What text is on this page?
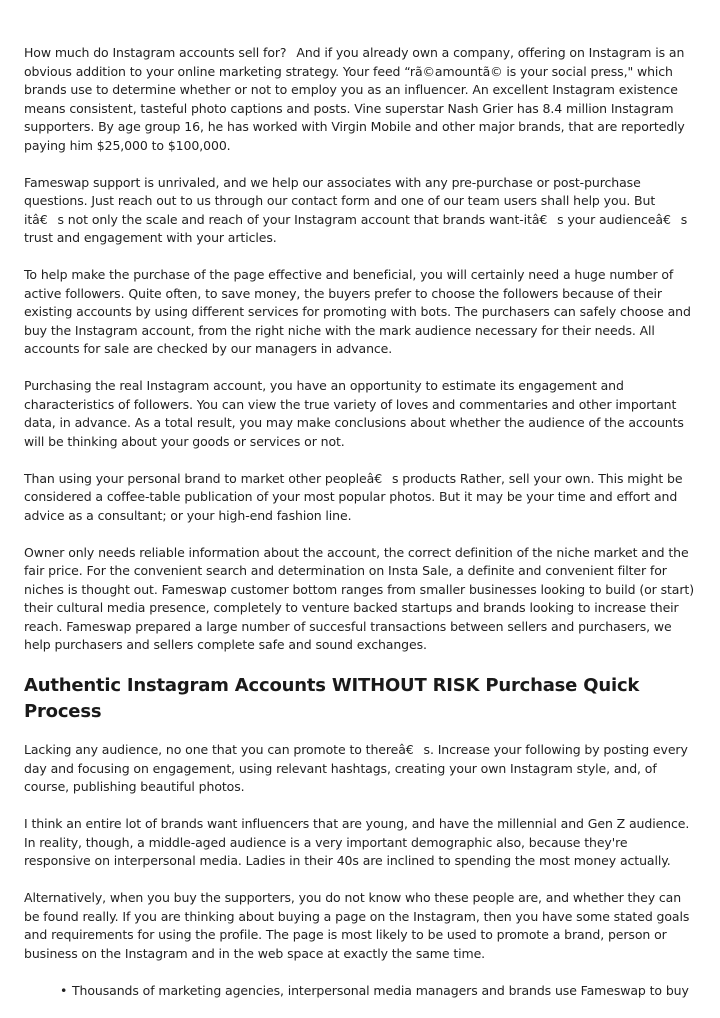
How much do Instagram accounts sell for?And if you already own a company, offering on Instagram is an obvious addition to your online marketing strategy. Your feed “rã©amountã© is your social press," which brands use to determine whether or not to employ you as an influencer. An excellent Instagram existence means consistent, tasteful photo captions and posts. Vine superstar Nash Grier has 8.4 million Instagram supporters. By age group 16, he has worked with Virgin Mobile and other major brands, that are reportedly paying him $25,000 to $100,000.

Fameswap support is unrivaled, and we help our associates with any pre-purchase or post-purchase questions. Just reach out to us through our contact form and one of our team users shall help you. But itâ€s not only the scale and reach of your Instagram account that brands want-itâ€s your audienceâ€s trust and engagement with your articles.

To help make the purchase of the page effective and beneficial, you will certainly need a huge number of active followers. Quite often, to save money, the buyers prefer to choose the followers because of their existing accounts by using different services for promoting with bots. The purchasers can safely choose and buy the Instagram account, from the right niche with the mark audience necessary for their needs. All accounts for sale are checked by our managers in advance.

Purchasing the real Instagram account, you have an opportunity to estimate its engagement and characteristics of followers. You can view the true variety of loves and commentaries and other important data, in advance. As a total result, you may make conclusions about whether the audience of the accounts will be thinking about your goods or services or not.

Than using your personal brand to market other peopleâ€s products Rather, sell your own. This might be considered a coffee-table publication of your most popular photos. But it may be your time and effort and advice as a consultant; or your high-end fashion line.

Owner only needs reliable information about the account, the correct definition of the niche market and the fair price. For the convenient search and determination on Insta Sale, a definite and convenient filter for niches is thought out. Fameswap customer bottom ranges from smaller businesses looking to build (or start) their cultural media presence, completely to venture backed startups and brands looking to increase their reach. Fameswap prepared a large number of succesful transactions between sellers and purchasers, we help purchasers and sellers complete safe and sound exchanges.

Authentic Instagram Accounts WITHOUT RISK Purchase Quick Process

Lacking any audience, no one that you can promote to thereâ€s. Increase your following by posting every day and focusing on engagement, using relevant hashtags, creating your own Instagram style, and, of course, publishing beautiful photos.

I think an entire lot of brands want influencers that are young, and have the millennial and Gen Z audience. In reality, though, a middle-aged audience is a very important demographic also, because they're responsive on interpersonal media. Ladies in their 40s are inclined to spending the most money actually.

Alternatively, when you buy the supporters, you do not know who these people are, and whether they can be found really. If you are thinking about buying a page on the Instagram, then you have some stated goals and requirements for using the profile. The page is most likely to be used to promote a brand, person or business on the Instagram and in the web space at exactly the same time.

• Thousands of marketing agencies, interpersonal media managers and brands use Fameswap to buy
